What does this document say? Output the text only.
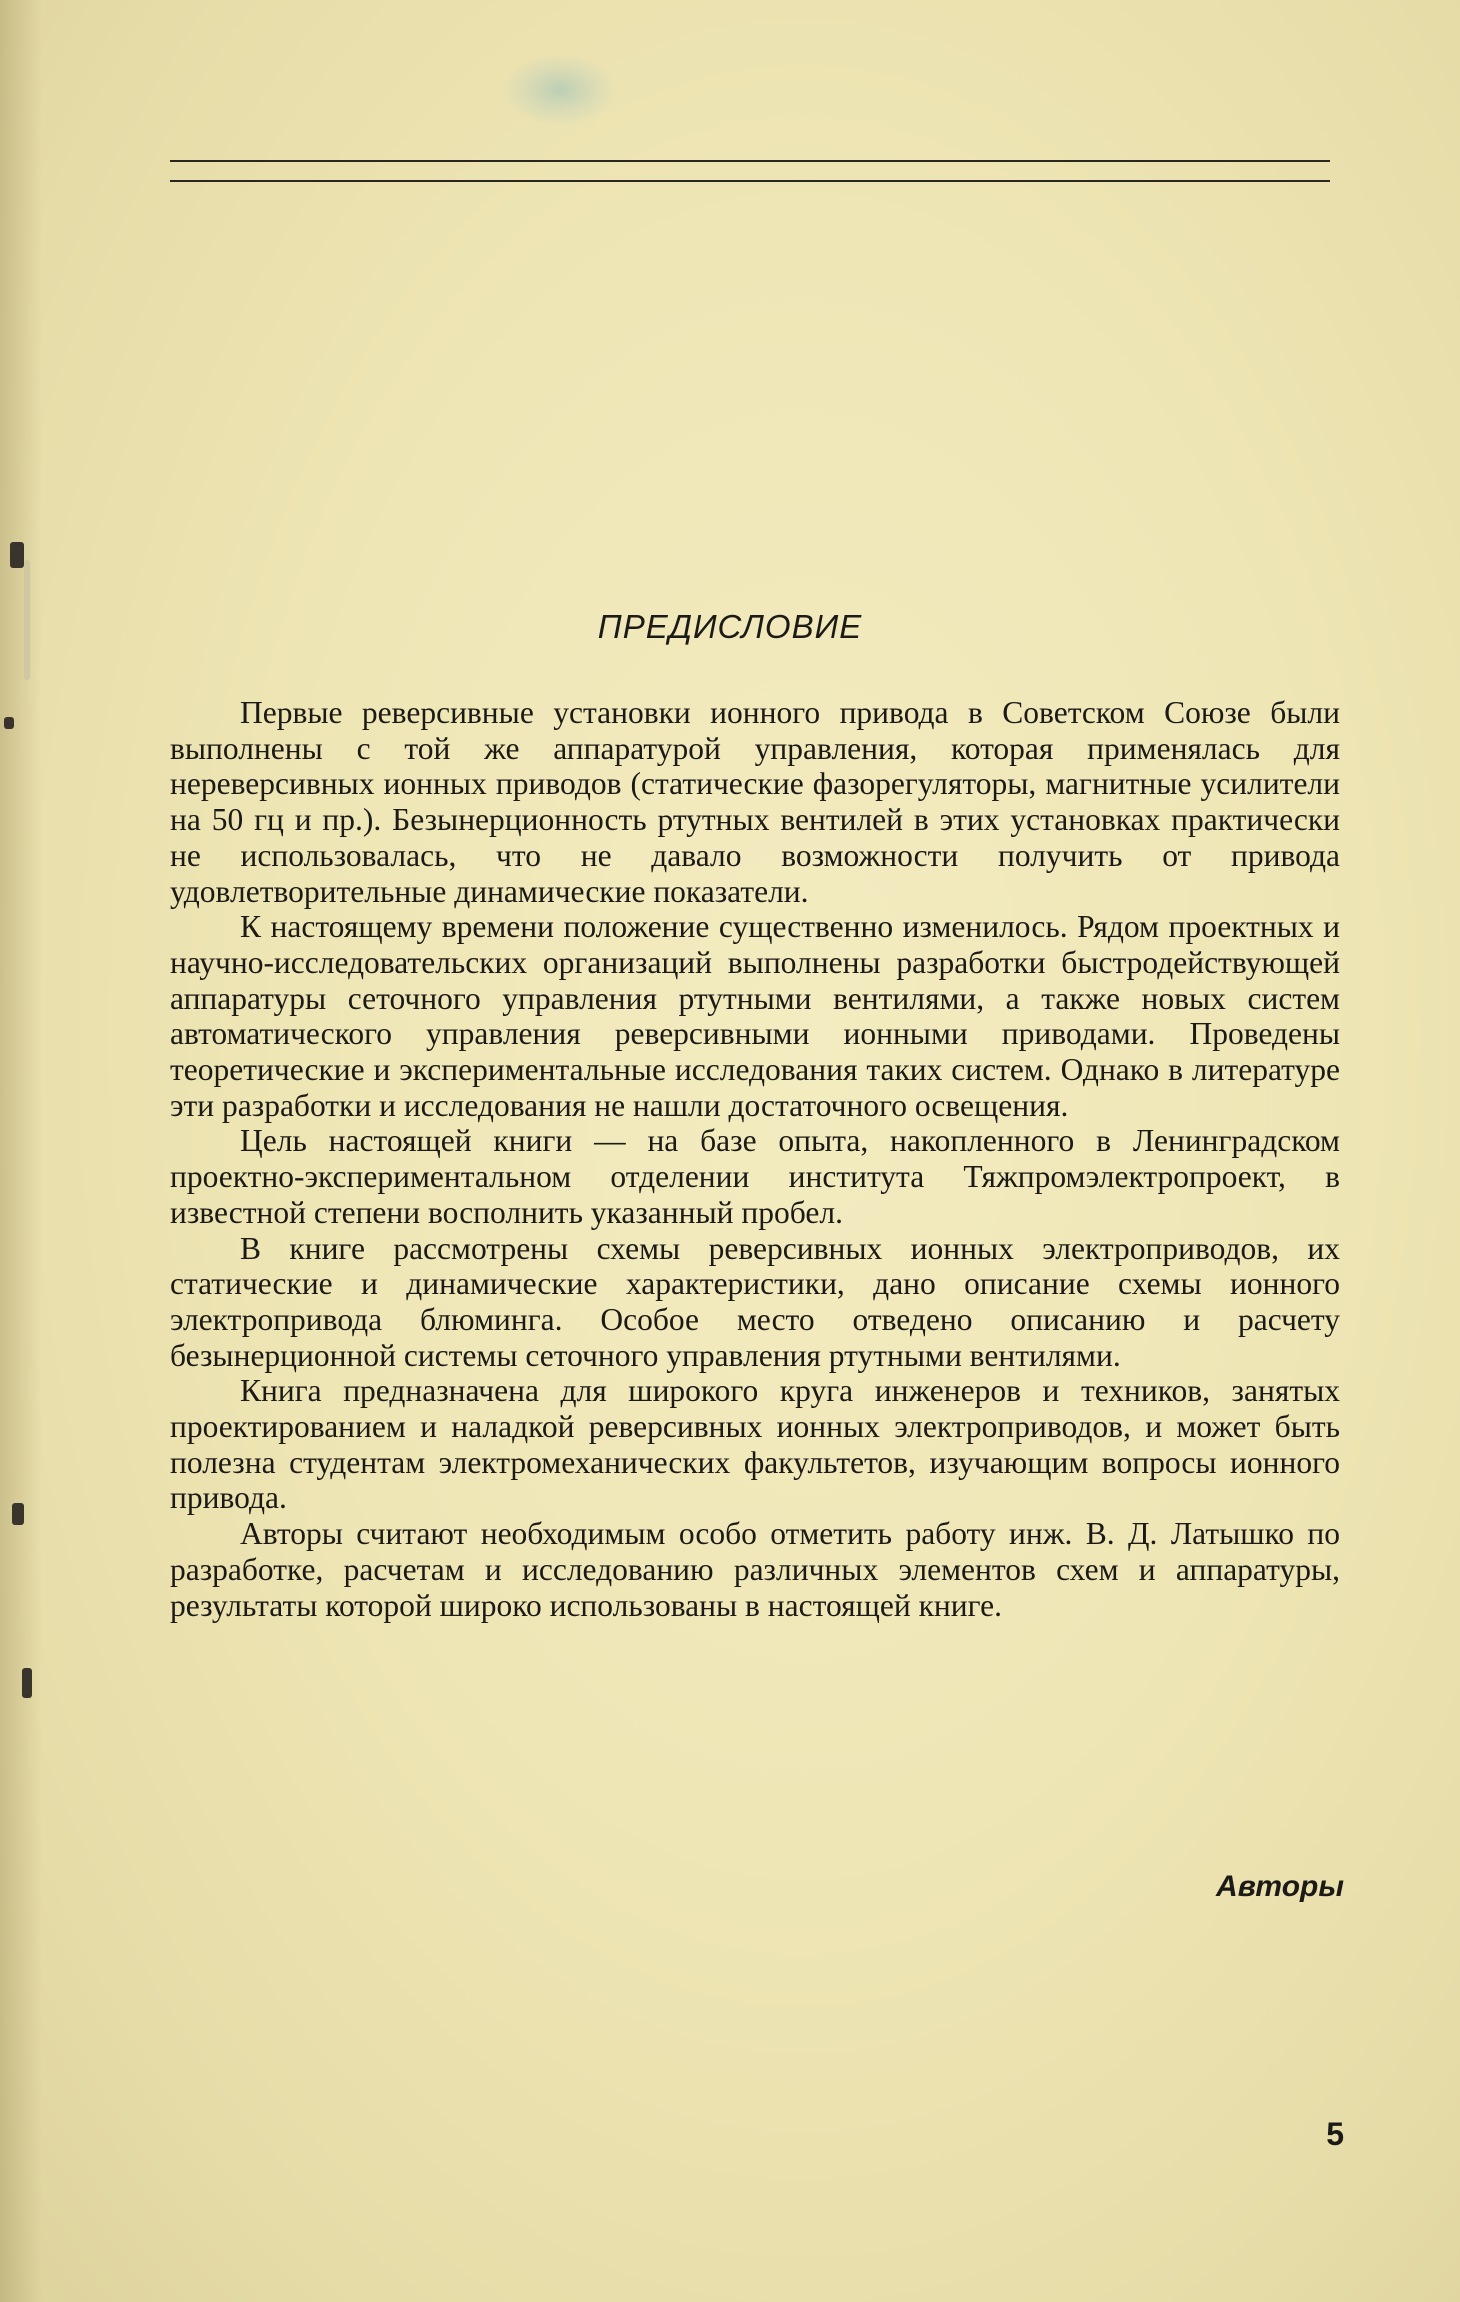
ПРЕДИСЛОВИЕ

Первые реверсивные установки ионного привода в Советском Союзе были выполнены с той же аппаратурой управления, которая применялась для нереверсивных ионных приводов (статические фазорегуляторы, магнитные усилители на 50 гц и пр.). Безынерционность ртутных вентилей в этих установках практически не использовалась, что не давало возможности получить от привода удовлетворительные динамические показатели.

К настоящему времени положение существенно изменилось. Рядом проектных и научно-исследовательских организаций выполнены разработки быстродействующей аппаратуры сеточного управления ртутными вентилями, а также новых систем автоматического управления реверсивными ионными приводами. Проведены теоретические и экспериментальные исследования таких систем. Однако в литературе эти разработки и исследования не нашли достаточного освещения.

Цель настоящей книги — на базе опыта, накопленного в Ленинградском проектно-экспериментальном отделении института Тяжпромэлектропроект, в известной степени восполнить указанный пробел.

В книге рассмотрены схемы реверсивных ионных электроприводов, их статические и динамические характеристики, дано описание схемы ионного электропривода блюминга. Особое место отведено описанию и расчету безынерционной системы сеточного управления ртутными вентилями.

Книга предназначена для широкого круга инженеров и техников, занятых проектированием и наладкой реверсивных ионных электроприводов, и может быть полезна студентам электромеханических факультетов, изучающим вопросы ионного привода.

Авторы считают необходимым особо отметить работу инж. В. Д. Латышко по разработке, расчетам и исследованию различных элементов схем и аппаратуры, результаты которой широко использованы в настоящей книге.

Авторы
5
